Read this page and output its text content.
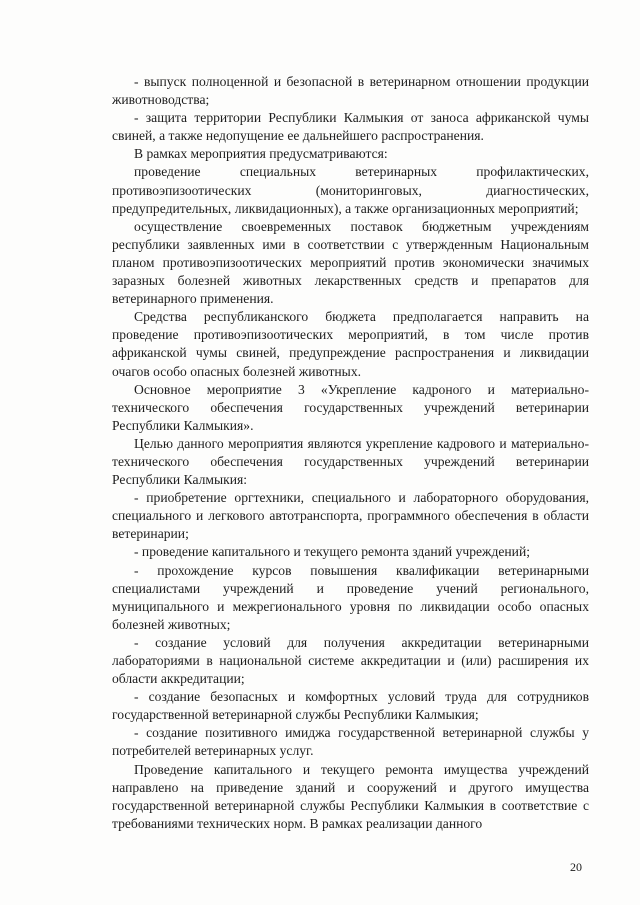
- выпуск полноценной и безопасной в ветеринарном отношении продукции животноводства;

- защита территории Республики Калмыкия от заноса африканской чумы свиней, а также недопущение ее дальнейшего распространения.

В рамках мероприятия предусматриваются:

проведение специальных ветеринарных профилактических, противоэпизоотических (мониторинговых, диагностических, предупредительных, ликвидационных), а также организационных мероприятий;

осуществление своевременных поставок бюджетным учреждениям республики заявленных ими в соответствии с утвержденным Национальным планом противоэпизоотических мероприятий против экономически значимых заразных болезней животных лекарственных средств и препаратов для ветеринарного применения.

Средства республиканского бюджета предполагается направить на проведение противоэпизоотических мероприятий, в том числе против африканской чумы свиней, предупреждение распространения и ликвидации очагов особо опасных болезней животных.

Основное мероприятие 3 «Укрепление кадроного и материально-технического обеспечения государственных учреждений ветеринарии Республики Калмыкия».

Целью данного мероприятия являются укрепление кадрового и материально-технического обеспечения государственных учреждений ветеринарии Республики Калмыкия:

- приобретение оргтехники, специального и лабораторного оборудования, специального и легкового автотранспорта, программного обеспечения в области ветеринарии;

- проведение капитального и текущего ремонта зданий учреждений;

- прохождение курсов повышения квалификации ветеринарными специалистами учреждений и проведение учений регионального, муниципального и межрегионального уровня по ликвидации особо опасных болезней животных;

- создание условий для получения аккредитации ветеринарными лабораториями в национальной системе аккредитации и (или) расширения их области аккредитации;

- создание безопасных и комфортных условий труда для сотрудников государственной ветеринарной службы Республики Калмыкия;

- создание позитивного имиджа государственной ветеринарной службы у потребителей ветеринарных услуг.

Проведение капитального и текущего ремонта имущества учреждений направлено на приведение зданий и сооружений и другого имущества государственной ветеринарной службы Республики Калмыкия в соответствие с требованиями технических норм. В рамках реализации данного

20
